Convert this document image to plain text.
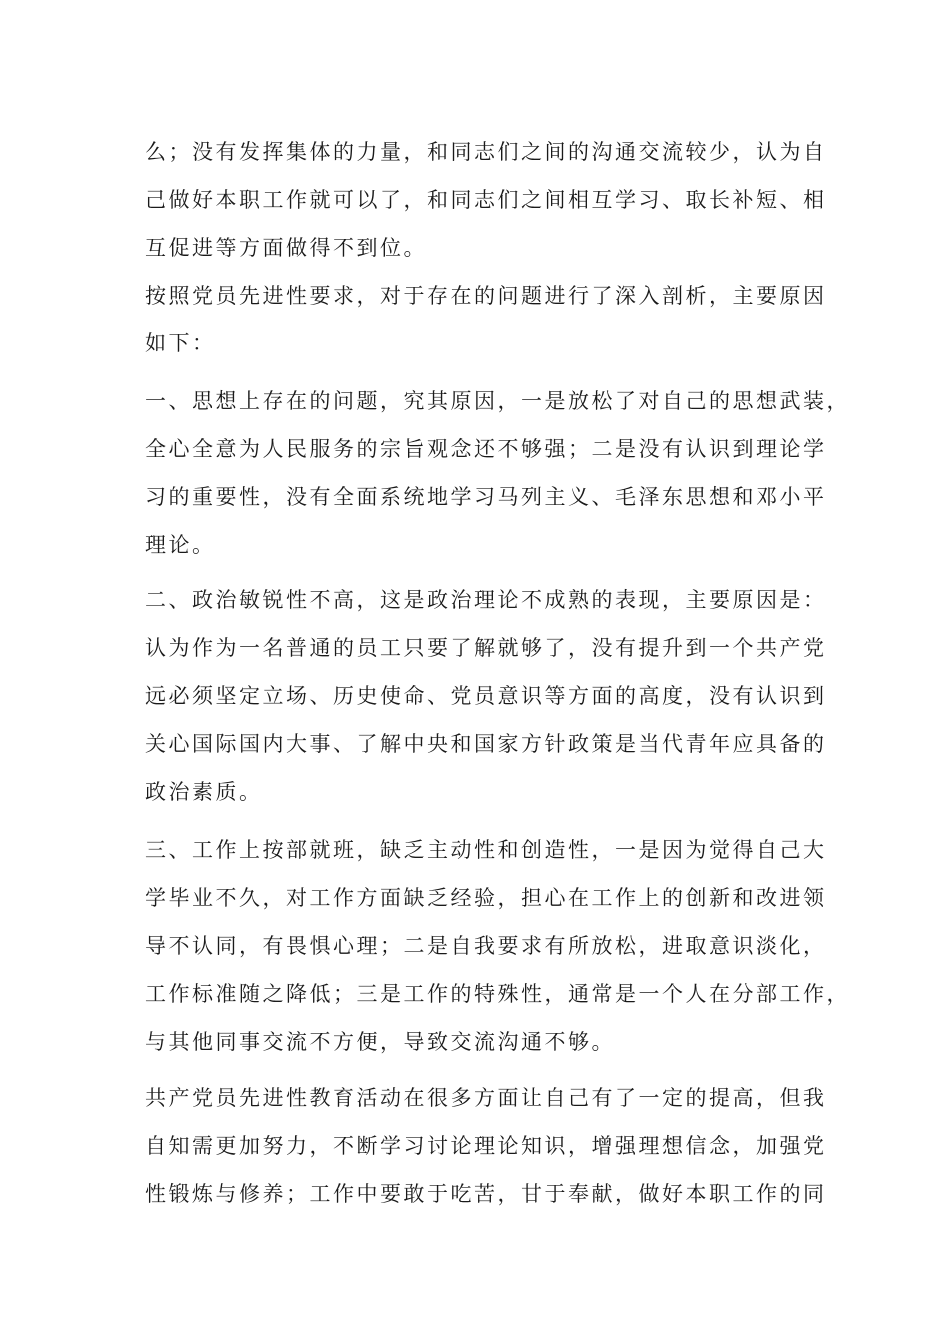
么；没有发挥集体的力量，和同志们之间的沟通交流较少，认为自
己做好本职工作就可以了，和同志们之间相互学习、取长补短、相
互促进等方面做得不到位。
按照党员先进性要求，对于存在的问题进行了深入剖析，主要原因
如下：
一、思想上存在的问题，究其原因，一是放松了对自己的思想武装，
全心全意为人民服务的宗旨观念还不够强；二是没有认识到理论学
习的重要性，没有全面系统地学习马列主义、毛泽东思想和邓小平
理论。
二、政治敏锐性不高，这是政治理论不成熟的表现，主要原因是：
认为作为一名普通的员工只要了解就够了，没有提升到一个共产党
远必须坚定立场、历史使命、党员意识等方面的高度，没有认识到
关心国际国内大事、了解中央和国家方针政策是当代青年应具备的
政治素质。
三、工作上按部就班，缺乏主动性和创造性，一是因为觉得自己大
学毕业不久，对工作方面缺乏经验，担心在工作上的创新和改进领
导不认同，有畏惧心理；二是自我要求有所放松，进取意识淡化，
工作标准随之降低；三是工作的特殊性，通常是一个人在分部工作，
与其他同事交流不方便，导致交流沟通不够。
共产党员先进性教育活动在很多方面让自己有了一定的提高，但我
自知需更加努力，不断学习讨论理论知识，增强理想信念，加强党
性锻炼与修养；工作中要敢于吃苦，甘于奉献，做好本职工作的同
